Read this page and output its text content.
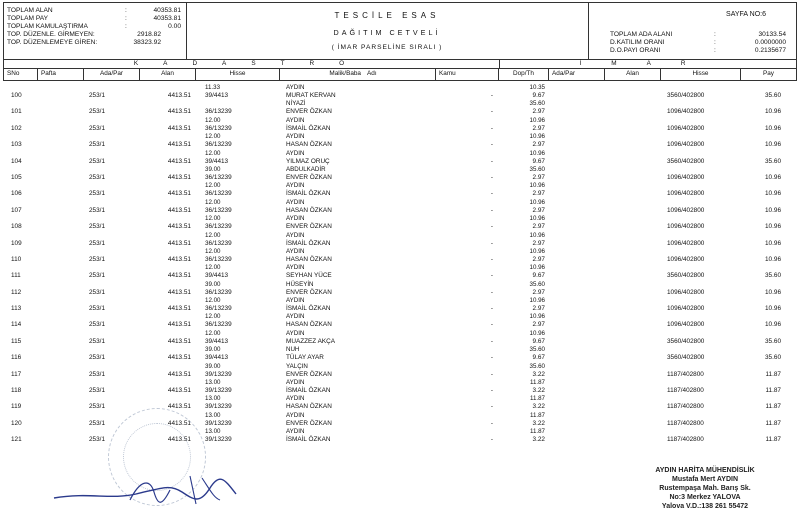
TOPLAM ALAN	:	40353.81
TOPLAM PAY	:	40353.81
TOPLAM KAMULAŞTIRMA	:	0.00
TOP. DÜZENLE. GİRMEYEN:	2918.82
TOP. DÜZENLEMEYE GİREN:	38323.92
TESCİLE ESAS
DAĞITIM CETVELİ
( İMAR PARSELİNE SIRALI )
SAYFA NO:6
TOPLAM ADA ALANI	:	30133.54
D.KATILIM ORANI	:	0.0000000
D.O.PAYI ORANI	:	0.2135677
KADASTRO	İMAR
SNo	Pafta	Ada/Par	Alan	Hisse	Malik/Baba Adı	Kamu	Dop/Th	Ada/Par	Alan	Hisse	Pay
11.33	AYDIN	10.35
100	253/1	4413.51 39/4413	MURAT KERVAN	-	9.67	3560/402800	35.60
NİYAZİ	35.60
101	253/1	4413.51 36/13239	ENVER ÖZKAN	-	2.97	1096/402800	10.96
12.00	AYDIN	10.96
102	253/1	4413.51 36/13239	İSMAİL ÖZKAN	-	2.97	1096/402800	10.96
12.00	AYDIN	10.96
103	253/1	4413.51 36/13239	HASAN ÖZKAN	-	2.97	1096/402800	10.96
12.00	AYDIN	10.96
104	253/1	4413.51 39/4413	YILMAZ ORUÇ	-	9.67	3560/402800	35.60
39.00	ABDULKADİR	35.60
105	253/1	4413.51 36/13239	ENVER ÖZKAN	-	2.97	1096/402800	10.96
12.00	AYDIN	10.96
106	253/1	4413.51 36/13239	İSMAİL ÖZKAN	-	2.97	1096/402800	10.96
12.00	AYDIN	10.96
107	253/1	4413.51 36/13239	HASAN ÖZKAN	-	2.97	1096/402800	10.96
12.00	AYDIN	10.96
108	253/1	4413.51 36/13239	ENVER ÖZKAN	-	2.97	1096/402800	10.96
12.00	AYDIN	10.96
109	253/1	4413.51 36/13239	İSMAİL ÖZKAN	-	2.97	1096/402800	10.96
12.00	AYDIN	10.96
110	253/1	4413.51 36/13239	HASAN ÖZKAN	-	2.97	1096/402800	10.96
12.00	AYDIN	10.96
111	253/1	4413.51 39/4413	SEYHAN YÜCE	-	9.67	3560/402800	35.60
39.00	HÜSEYİN	35.60
112	253/1	4413.51 36/13239	ENVER ÖZKAN	-	2.97	1096/402800	10.96
12.00	AYDIN	10.96
113	253/1	4413.51 36/13239	İSMAİL ÖZKAN	-	2.97	1096/402800	10.96
12.00	AYDIN	10.96
114	253/1	4413.51 36/13239	HASAN ÖZKAN	-	2.97	1096/402800	10.96
12.00	AYDIN	10.96
115	253/1	4413.51 39/4413	MUAZZEZ AKÇA	-	9.67	3560/402800	35.60
39.00	NUH	35.60
116	253/1	4413.51 39/4413	TÜLAY AYAR	-	9.67	3560/402800	35.60
39.00	YALÇIN	35.60
117	253/1	4413.51 39/13239	ENVER ÖZKAN	-	3.22	1187/402800	11.87
13.00	AYDIN	11.87
118	253/1	4413.51 39/13239	İSMAİL ÖZKAN	-	3.22	1187/402800	11.87
13.00	AYDIN	11.87
119	253/1	4413.51 39/13239	HASAN ÖZKAN	-	3.22	1187/402800	11.87
13.00	AYDIN	11.87
120	253/1	4413.51 39/13239	ENVER ÖZKAN	-	3.22	1187/402800	11.87
13.00	AYDIN	11.87
121	253/1	4413.51 39/13239	İSMAİL ÖZKAN	-	3.22	1187/402800	11.87
AYDIN HARİTA MÜHENDİSLİK
Mustafa Mert AYDIN
Rustempaşa Mah. Barış Sk.
No:3 Merkez YALOVA
Yalova V.D.:138 261 55472
